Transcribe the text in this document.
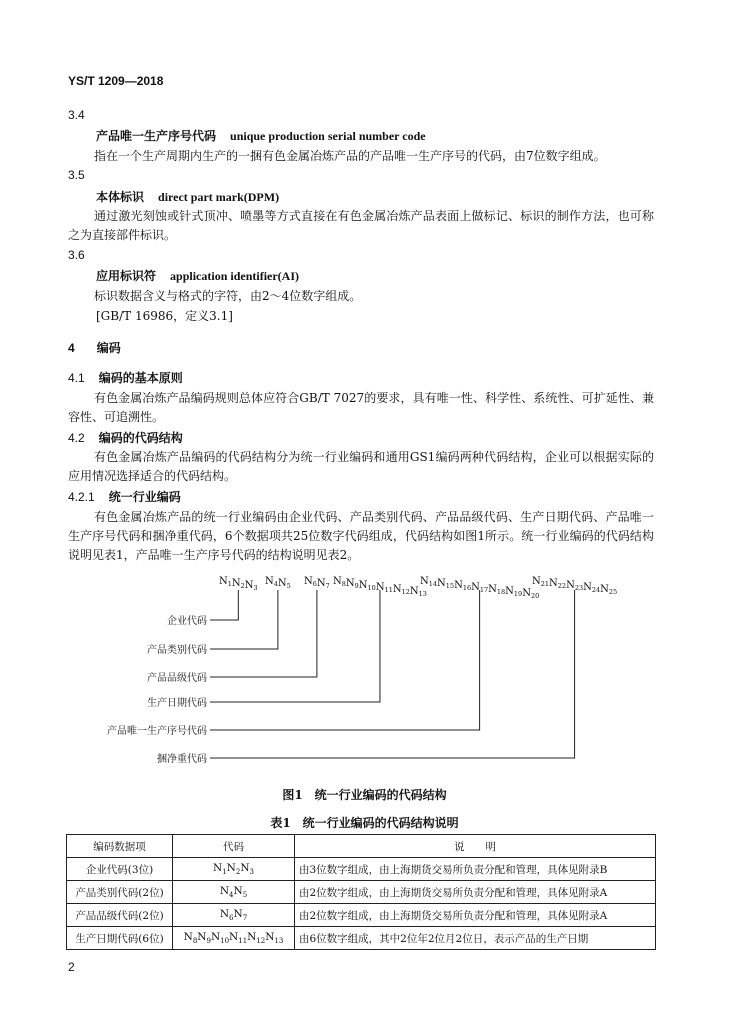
YS/T 1209—2018
3.4
产品唯一生产序号代码 unique production serial number code
指在一个生产周期内生产的一捆有色金属冶炼产品的产品唯一生产序号的代码，由7位数字组成。
3.5
本体标识 direct part mark(DPM)
通过激光刻蚀或针式顶冲、喷墨等方式直接在有色金属冶炼产品表面上做标记、标识的制作方法，也可称之为直接部件标识。
3.6
应用标识符 application identifier(AI)
标识数据含义与格式的字符，由2～4位数字组成。
[GB/T 16986，定义3.1]
4 编码
4.1 编码的基本原则
有色金属冶炼产品编码规则总体应符合GB/T 7027的要求，具有唯一性、科学性、系统性、可扩延性、兼容性、可追溯性。
4.2 编码的代码结构
有色金属冶炼产品编码的代码结构分为统一行业编码和通用GS1编码两种代码结构，企业可以根据实际的应用情况选择适合的代码结构。
4.2.1 统一行业编码
有色金属冶炼产品的统一行业编码由企业代码、产品类别代码、产品品级代码、生产日期代码、产品唯一生产序号代码和捆净重代码，6个数据项共25位数字代码组成，代码结构如图1所示。统一行业编码的代码结构说明见表1，产品唯一生产序号代码的结构说明见表2。
$N_1N_2N_3$
$N_4N_5$ $N_6N_7$ $N_8N_9N_{10}N_{11}N_{12}N_{13}$
$N_{14}N_{15}N_{16}N_{17}N_{18}N_{19}N_{20}$
$N_{21}N_{22}N_{23}N_{24}N_{25}$
企业代码
产品类别代码
产品品级代码
生产日期代码
产品唯一生产序号代码
捆净重代码
图1　统一行业编码的代码结构
表1　统一行业编码的代码结构说明
编码数据项	代码	说　　明
企业代码(3位)	$N_1N_2N_3$	由3位数字组成，由上海期货交易所负责分配和管理，具体见附录B
产品类别代码(2位)	$N_4N_5$	由2位数字组成，由上海期货交易所负责分配和管理，具体见附录A
产品品级代码(2位)	$N_6N_7$	由2位数字组成，由上海期货交易所负责分配和管理，具体见附录A
生产日期代码(6位)	$N_8N_9N_{10}N_{11}N_{12}N_{13}$	由6位数字组成，其中2位年2位月2位日，表示产品的生产日期
2
